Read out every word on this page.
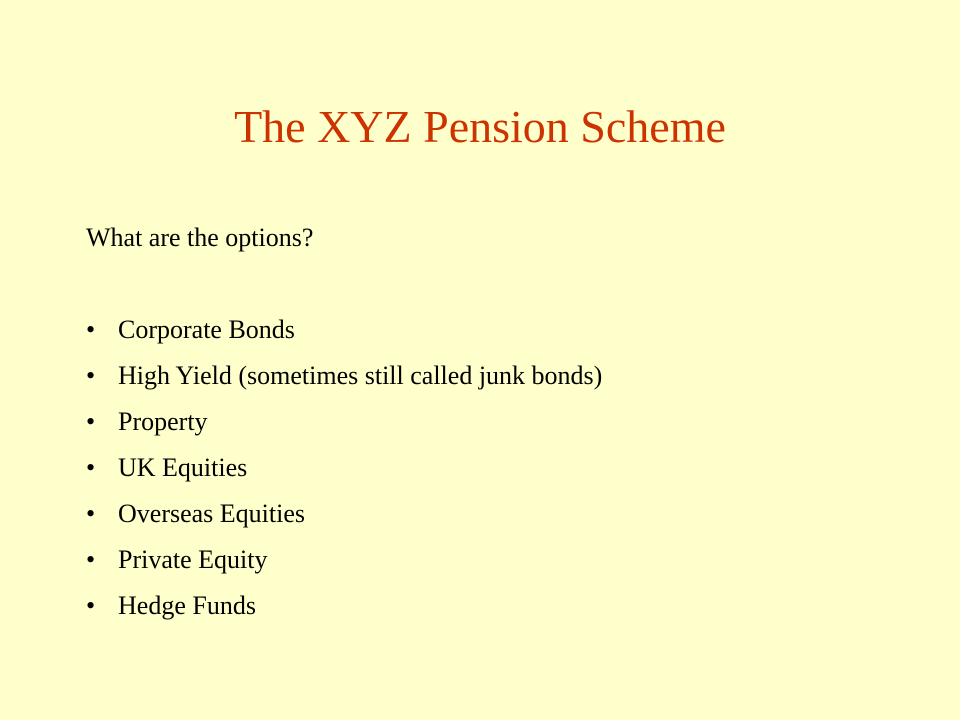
The XYZ Pension Scheme

What are the options?

• Corporate Bonds
• High Yield (sometimes still called junk bonds)
• Property
• UK Equities
• Overseas Equities
• Private Equity
• Hedge Funds
